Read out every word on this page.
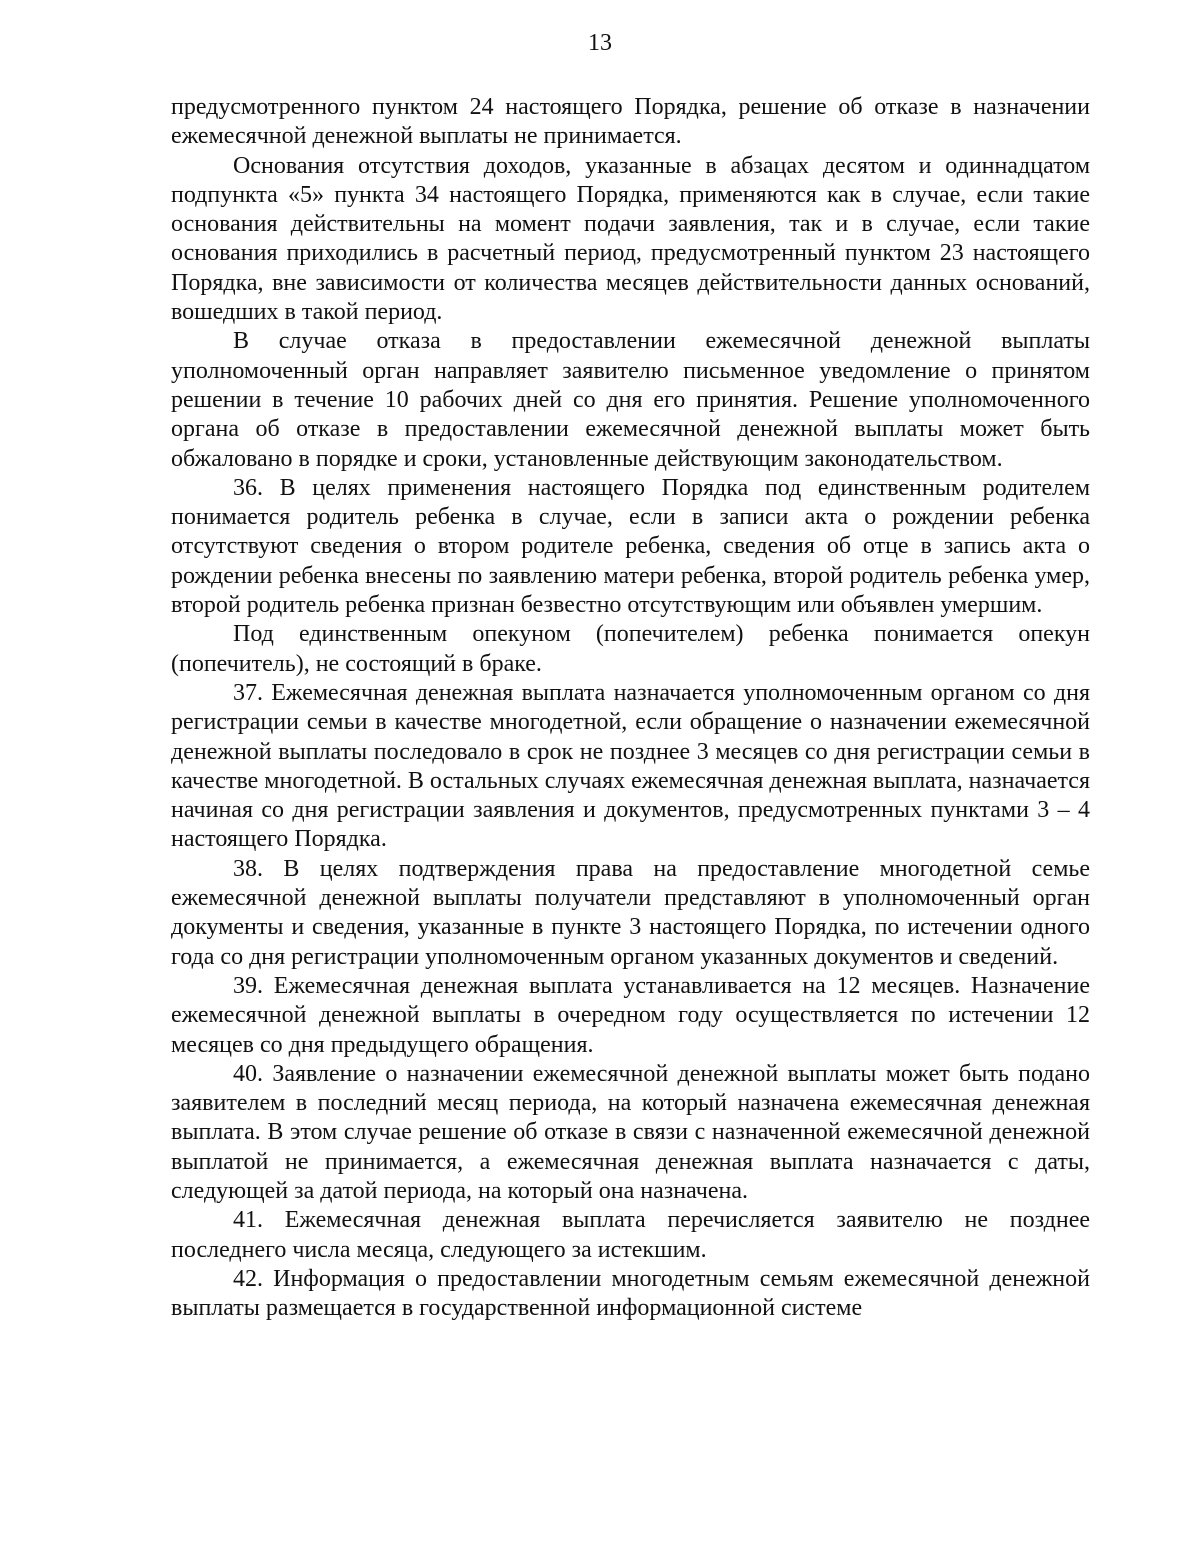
13

предусмотренного пунктом 24 настоящего Порядка, решение об отказе в назначении ежемесячной денежной выплаты не принимается.

Основания отсутствия доходов, указанные в абзацах десятом и одиннадцатом подпункта «5» пункта 34 настоящего Порядка, применяются как в случае, если такие основания действительны на момент подачи заявления, так и в случае, если такие основания приходились в расчетный период, предусмотренный пунктом 23 настоящего Порядка, вне зависимости от количества месяцев действительности данных оснований, вошедших в такой период.

В случае отказа в предоставлении ежемесячной денежной выплаты уполномоченный орган направляет заявителю письменное уведомление о принятом решении в течение 10 рабочих дней со дня его принятия. Решение уполномоченного органа об отказе в предоставлении ежемесячной денежной выплаты может быть обжаловано в порядке и сроки, установленные действующим законодательством.

36. В целях применения настоящего Порядка под единственным родителем понимается родитель ребенка в случае, если в записи акта о рождении ребенка отсутствуют сведения о втором родителе ребенка, сведения об отце в запись акта о рождении ребенка внесены по заявлению матери ребенка, второй родитель ребенка умер, второй родитель ребенка признан безвестно отсутствующим или объявлен умершим.

Под единственным опекуном (попечителем) ребенка понимается опекун (попечитель), не состоящий в браке.

37. Ежемесячная денежная выплата назначается уполномоченным органом со дня регистрации семьи в качестве многодетной, если обращение о назначении ежемесячной денежной выплаты последовало в срок не позднее 3 месяцев со дня регистрации семьи в качестве многодетной. В остальных случаях ежемесячная денежная выплата, назначается начиная со дня регистрации заявления и документов, предусмотренных пунктами 3 – 4 настоящего Порядка.

38. В целях подтверждения права на предоставление многодетной семье ежемесячной денежной выплаты получатели представляют в уполномоченный орган документы и сведения, указанные в пункте 3 настоящего Порядка, по истечении одного года со дня регистрации уполномоченным органом указанных документов и сведений.

39. Ежемесячная денежная выплата устанавливается на 12 месяцев. Назначение ежемесячной денежной выплаты в очередном году осуществляется по истечении 12 месяцев со дня предыдущего обращения.

40. Заявление о назначении ежемесячной денежной выплаты может быть подано заявителем в последний месяц периода, на который назначена ежемесячная денежная выплата. В этом случае решение об отказе в связи с назначенной ежемесячной денежной выплатой не принимается, а ежемесячная денежная выплата назначается с даты, следующей за датой периода, на который она назначена.

41. Ежемесячная денежная выплата перечисляется заявителю не позднее последнего числа месяца, следующего за истекшим.

42. Информация о предоставлении многодетным семьям ежемесячной денежной выплаты размещается в государственной информационной системе
